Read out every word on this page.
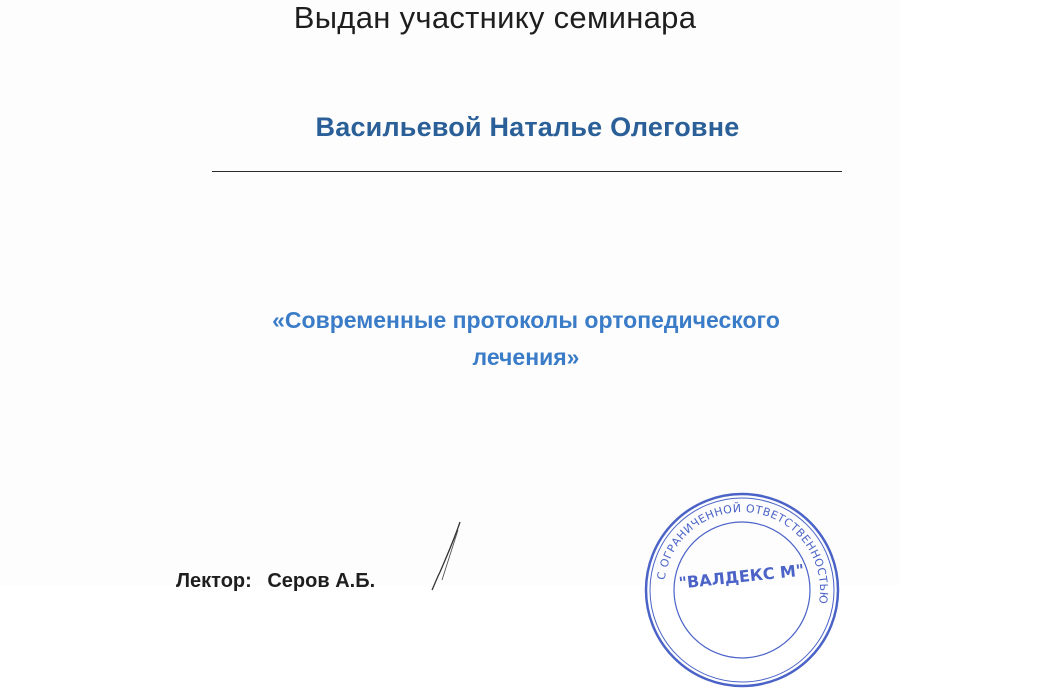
Выдан участнику семинара
Васильевой Наталье Олеговне
«Современные протоколы ортопедического
лечения»
Лектор: Серов А.Б.	С ОГРАНИЧЕННОЙ ОТВЕТСТВЕННОСТЬЮ
"ВАЛДЕКС М"
